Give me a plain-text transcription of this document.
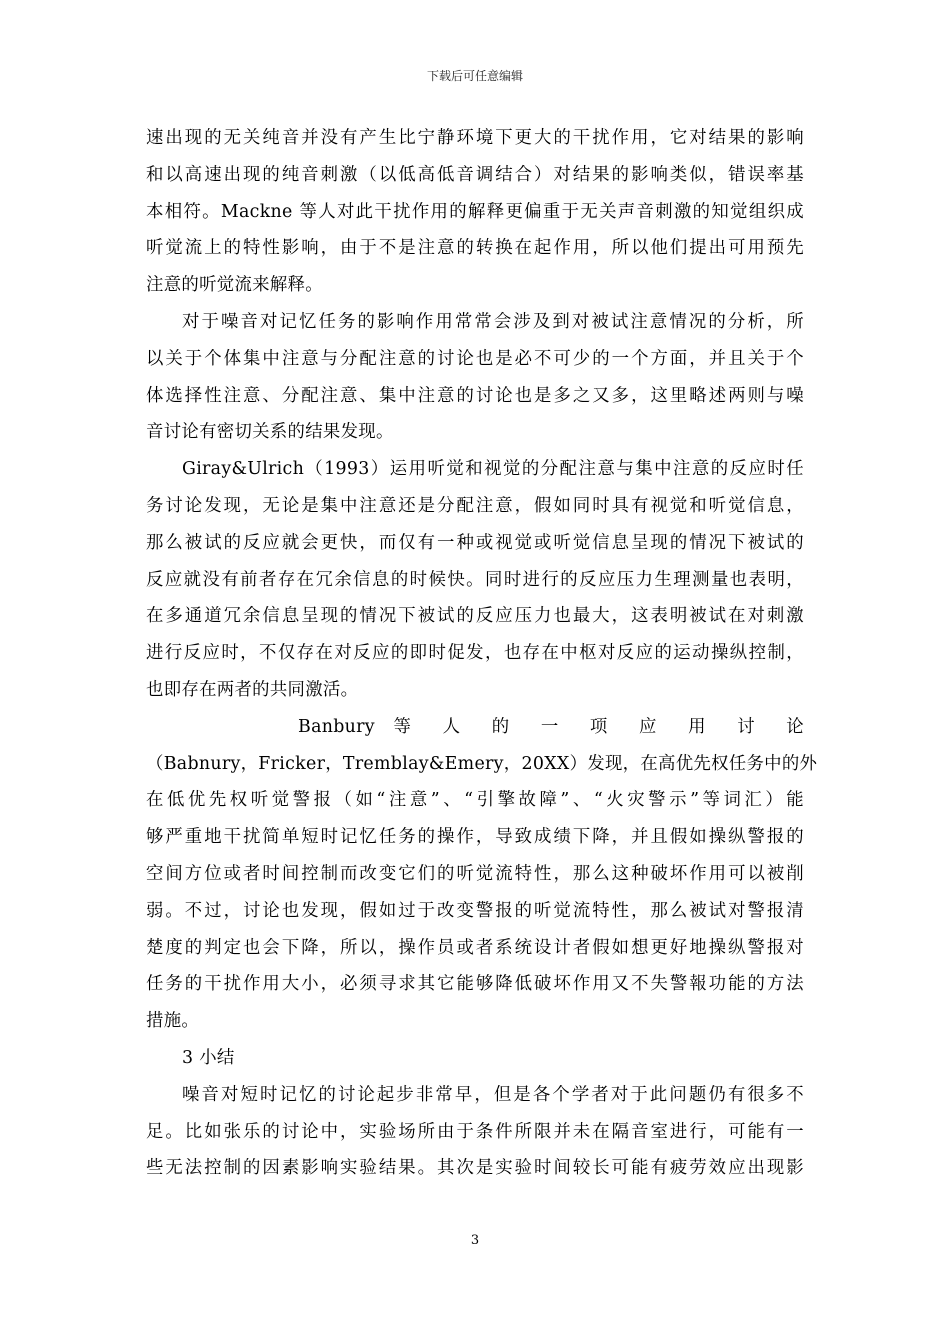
下载后可任意编辑
速出现的无关纯音并没有产生比宁静环境下更大的干扰作用，它对结果的影响
和以高速出现的纯音刺激（以低高低音调结合）对结果的影响类似，错误率基
本相符。Mackne 等人对此干扰作用的解释更偏重于无关声音刺激的知觉组织成
听觉流上的特性影响，由于不是注意的转换在起作用，所以他们提出可用预先
注意的听觉流来解释。
对于噪音对记忆任务的影响作用常常会涉及到对被试注意情况的分析，所
以关于个体集中注意与分配注意的讨论也是必不可少的一个方面，并且关于个
体选择性注意、分配注意、集中注意的讨论也是多之又多，这里略述两则与噪
音讨论有密切关系的结果发现。
Giray&Ulrich（1993）运用听觉和视觉的分配注意与集中注意的反应时任
务讨论发现，无论是集中注意还是分配注意，假如同时具有视觉和听觉信息，
那么被试的反应就会更快，而仅有一种或视觉或听觉信息呈现的情况下被试的
反应就没有前者存在冗余信息的时候快。同时进行的反应压力生理测量也表明，
在多通道冗余信息呈现的情况下被试的反应压力也最大，这表明被试在对刺激
进行反应时，不仅存在对反应的即时促发，也存在中枢对反应的运动操纵控制，
也即存在两者的共同激活。
Banbury 等 人 的 一 项 应 用 讨 论
（Babnury，Fricker，Tremblay&Emery，20XX）发现，在高优先权任务中的外
在低优先权听觉警报（如“注意”、“引擎故障”、“火灾警示”等词汇）能
够严重地干扰简单短时记忆任务的操作，导致成绩下降，并且假如操纵警报的
空间方位或者时间控制而改变它们的听觉流特性，那么这种破坏作用可以被削
弱。不过，讨论也发现，假如过于改变警报的听觉流特性，那么被试对警报清
楚度的判定也会下降，所以，操作员或者系统设计者假如想更好地操纵警报对
任务的干扰作用大小，必须寻求其它能够降低破坏作用又不失警報功能的方法
措施。
3 小结
噪音对短时记忆的讨论起步非常早，但是各个学者对于此问题仍有很多不
足。比如张乐的讨论中，实验场所由于条件所限并未在隔音室进行，可能有一
些无法控制的因素影响实验结果。其次是实验时间较长可能有疲劳效应出现影
3
